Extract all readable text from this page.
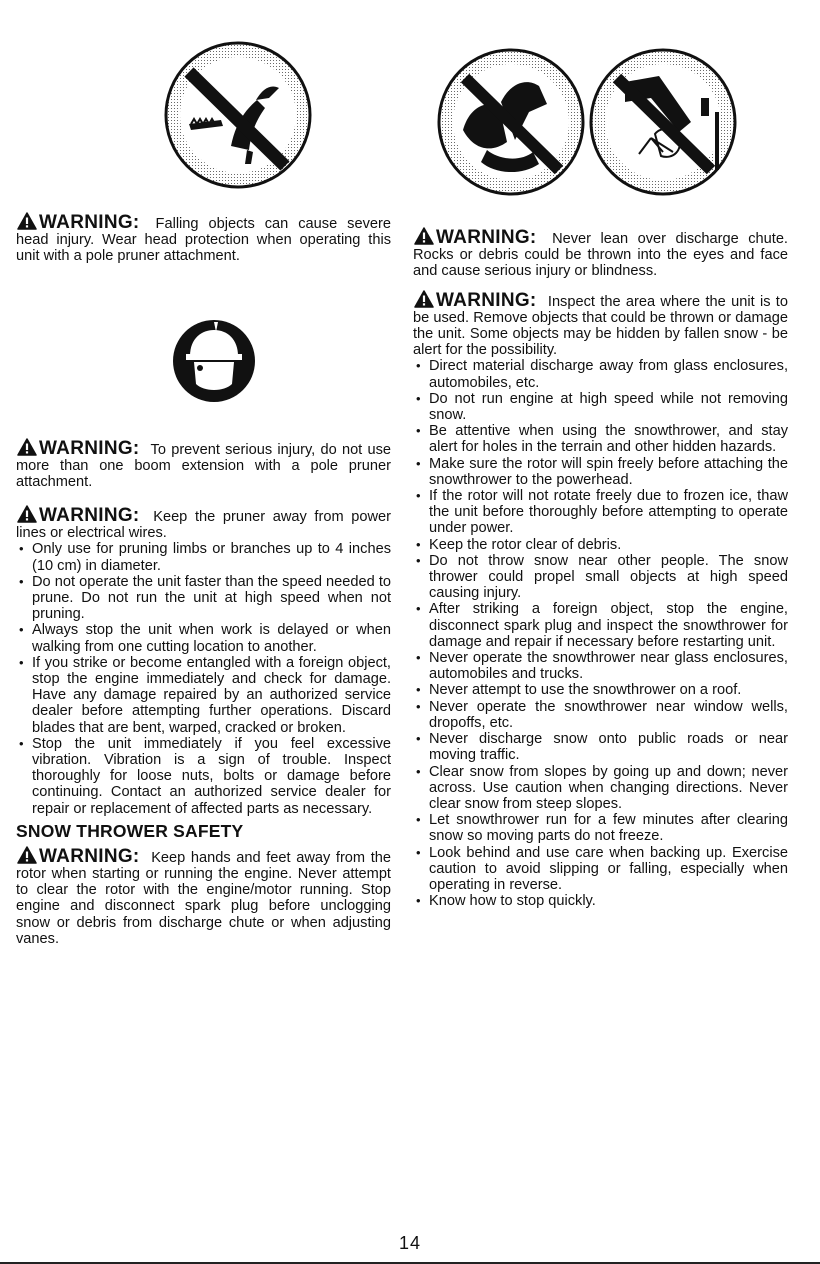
WARNING: Falling objects can cause severe head injury. Wear head protection when operating this unit with a pole pruner attachment.
WARNING: To prevent serious injury, do not use more than one boom extension with a pole pruner attachment.
WARNING: Keep the pruner away from power lines or electrical wires.
• Only use for pruning limbs or branches up to 4 inches (10 cm) in diameter.
• Do not operate the unit faster than the speed needed to prune. Do not run the unit at high speed when not pruning.
• Always stop the unit when work is delayed or when walking from one cutting location to another.
• If you strike or become entangled with a foreign object, stop the engine immediately and check for damage. Have any damage repaired by an authorized service dealer before attempting further operations. Discard blades that are bent, warped, cracked or broken.
• Stop the unit immediately if you feel excessive vibration. Vibration is a sign of trouble. Inspect thoroughly for loose nuts, bolts or damage before continuing. Contact an authorized service dealer for repair or replacement of affected parts as necessary.
SNOW THROWER SAFETY
WARNING: Keep hands and feet away from the rotor when starting or running the engine. Never attempt to clear the rotor with the engine/motor running. Stop engine and disconnect spark plug before unclogging snow or debris from discharge chute or when adjusting vanes.
WARNING: Never lean over discharge chute. Rocks or debris could be thrown into the eyes and face and cause serious injury or blindness.
WARNING: Inspect the area where the unit is to be used. Remove objects that could be thrown or damage the unit. Some objects may be hidden by fallen snow - be alert for the possibility.
• Direct material discharge away from glass enclosures, automobiles, etc.
• Do not run engine at high speed while not removing snow.
• Be attentive when using the snowthrower, and stay alert for holes in the terrain and other hidden hazards.
• Make sure the rotor will spin freely before attaching the snowthrower to the powerhead.
• If the rotor will not rotate freely due to frozen ice, thaw the unit before thoroughly before attempting to operate under power.
• Keep the rotor clear of debris.
• Do not throw snow near other people. The snow thrower could propel small objects at high speed causing injury.
• After striking a foreign object, stop the engine, disconnect spark plug and inspect the snowthrower for damage and repair if necessary before restarting unit.
• Never operate the snowthrower near glass enclosures, automobiles and trucks.
• Never attempt to use the snowthrower on a roof.
• Never operate the snowthrower near window wells, dropoffs, etc.
• Never discharge snow onto public roads or near moving traffic.
• Clear snow from slopes by going up and down; never across. Use caution when changing directions. Never clear snow from steep slopes.
• Let snowthrower run for a few minutes after clearing snow so moving parts do not freeze.
• Look behind and use care when backing up. Exercise caution to avoid slipping or falling, especially when operating in reverse.
• Know how to stop quickly.
14
